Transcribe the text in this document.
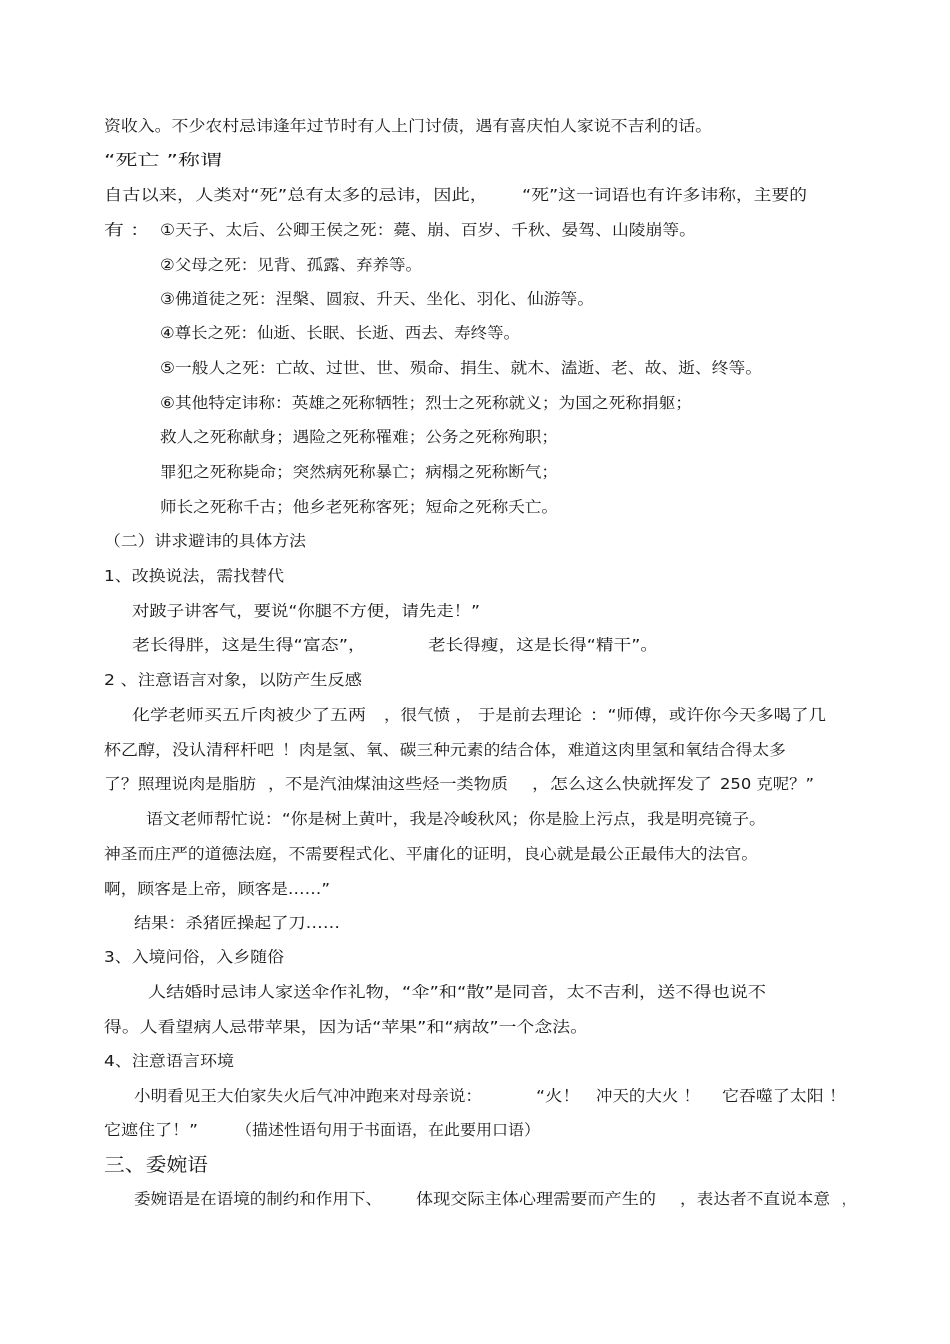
资收入。不少农村忌讳逢年过节时有人上门讨债，遇有喜庆怕人家说不吉利的话。
“死亡 ”称谓
自古以来，人类对“死”总有太多的忌讳，因此， “死”这一词语也有许多讳称，主要的
有 ： ①天子、太后、公卿王侯之死：薨、崩、百岁、千秋、晏驾、山陵崩等。
②父母之死：见背、孤露、弃养等。
③佛道徒之死：涅槃、圆寂、升天、坐化、羽化、仙游等。
④尊长之死：仙逝、长眠、长逝、西去、寿终等。
⑤一般人之死：亡故、过世、世、殒命、捐生、就木、溘逝、老、故、逝、终等。
⑥其他特定讳称：英雄之死称牺牲；烈士之死称就义；为国之死称捐躯；
救人之死称献身；遇险之死称罹难；公务之死称殉职；
罪犯之死称毙命；突然病死称暴亡；病榻之死称断气；
师长之死称千古；他乡老死称客死；短命之死称夭亡。
（二）讲求避讳的具体方法
1、改换说法，需找替代
对跛子讲客气，要说“你腿不方便，请先走！”
老长得胖，这是生得“富态”，	老长得瘦，这是长得“精干”。
2 、注意语言对象，以防产生反感
化学老师买五斤肉被少了五两 ，很气愤 ， 于是前去理论 ：“师傅，或许你今天多喝了几
杯乙醇，没认清秤杆吧 ！肉是氢、氧、碳三种元素的结合体，难道这肉里氢和氧结合得太多
了？照理说肉是脂肪 ，不是汽油煤油这些烃一类物质 ，怎么这么快就挥发了 250 克呢？”
语文老师帮忙说：“你是树上黄叶，我是冷峻秋风；你是脸上污点，我是明亮镜子。
神圣而庄严的道德法庭，不需要程式化、平庸化的证明，良心就是最公正最伟大的法官。
啊，顾客是上帝，顾客是……”
结果：杀猪匠操起了刀……
3、入境问俗，入乡随俗
人结婚时忌讳人家送伞作礼物，“伞”和“散”是同音，太不吉利，送不得也说不
得。人看望病人忌带苹果，因为话“苹果”和“病故”一个念法。
4、注意语言环境
小明看见王大伯家失火后气冲冲跑来对母亲说：	“火！ 冲天的大火 ！ 它吞噬了太阳 ！
它遮住了！” （描述性语句用于书面语，在此要用口语）
三、委婉语
委婉语是在语境的制约和作用下、 体现交际主体心理需要而产生的 ，表达者不直说本意 ，
